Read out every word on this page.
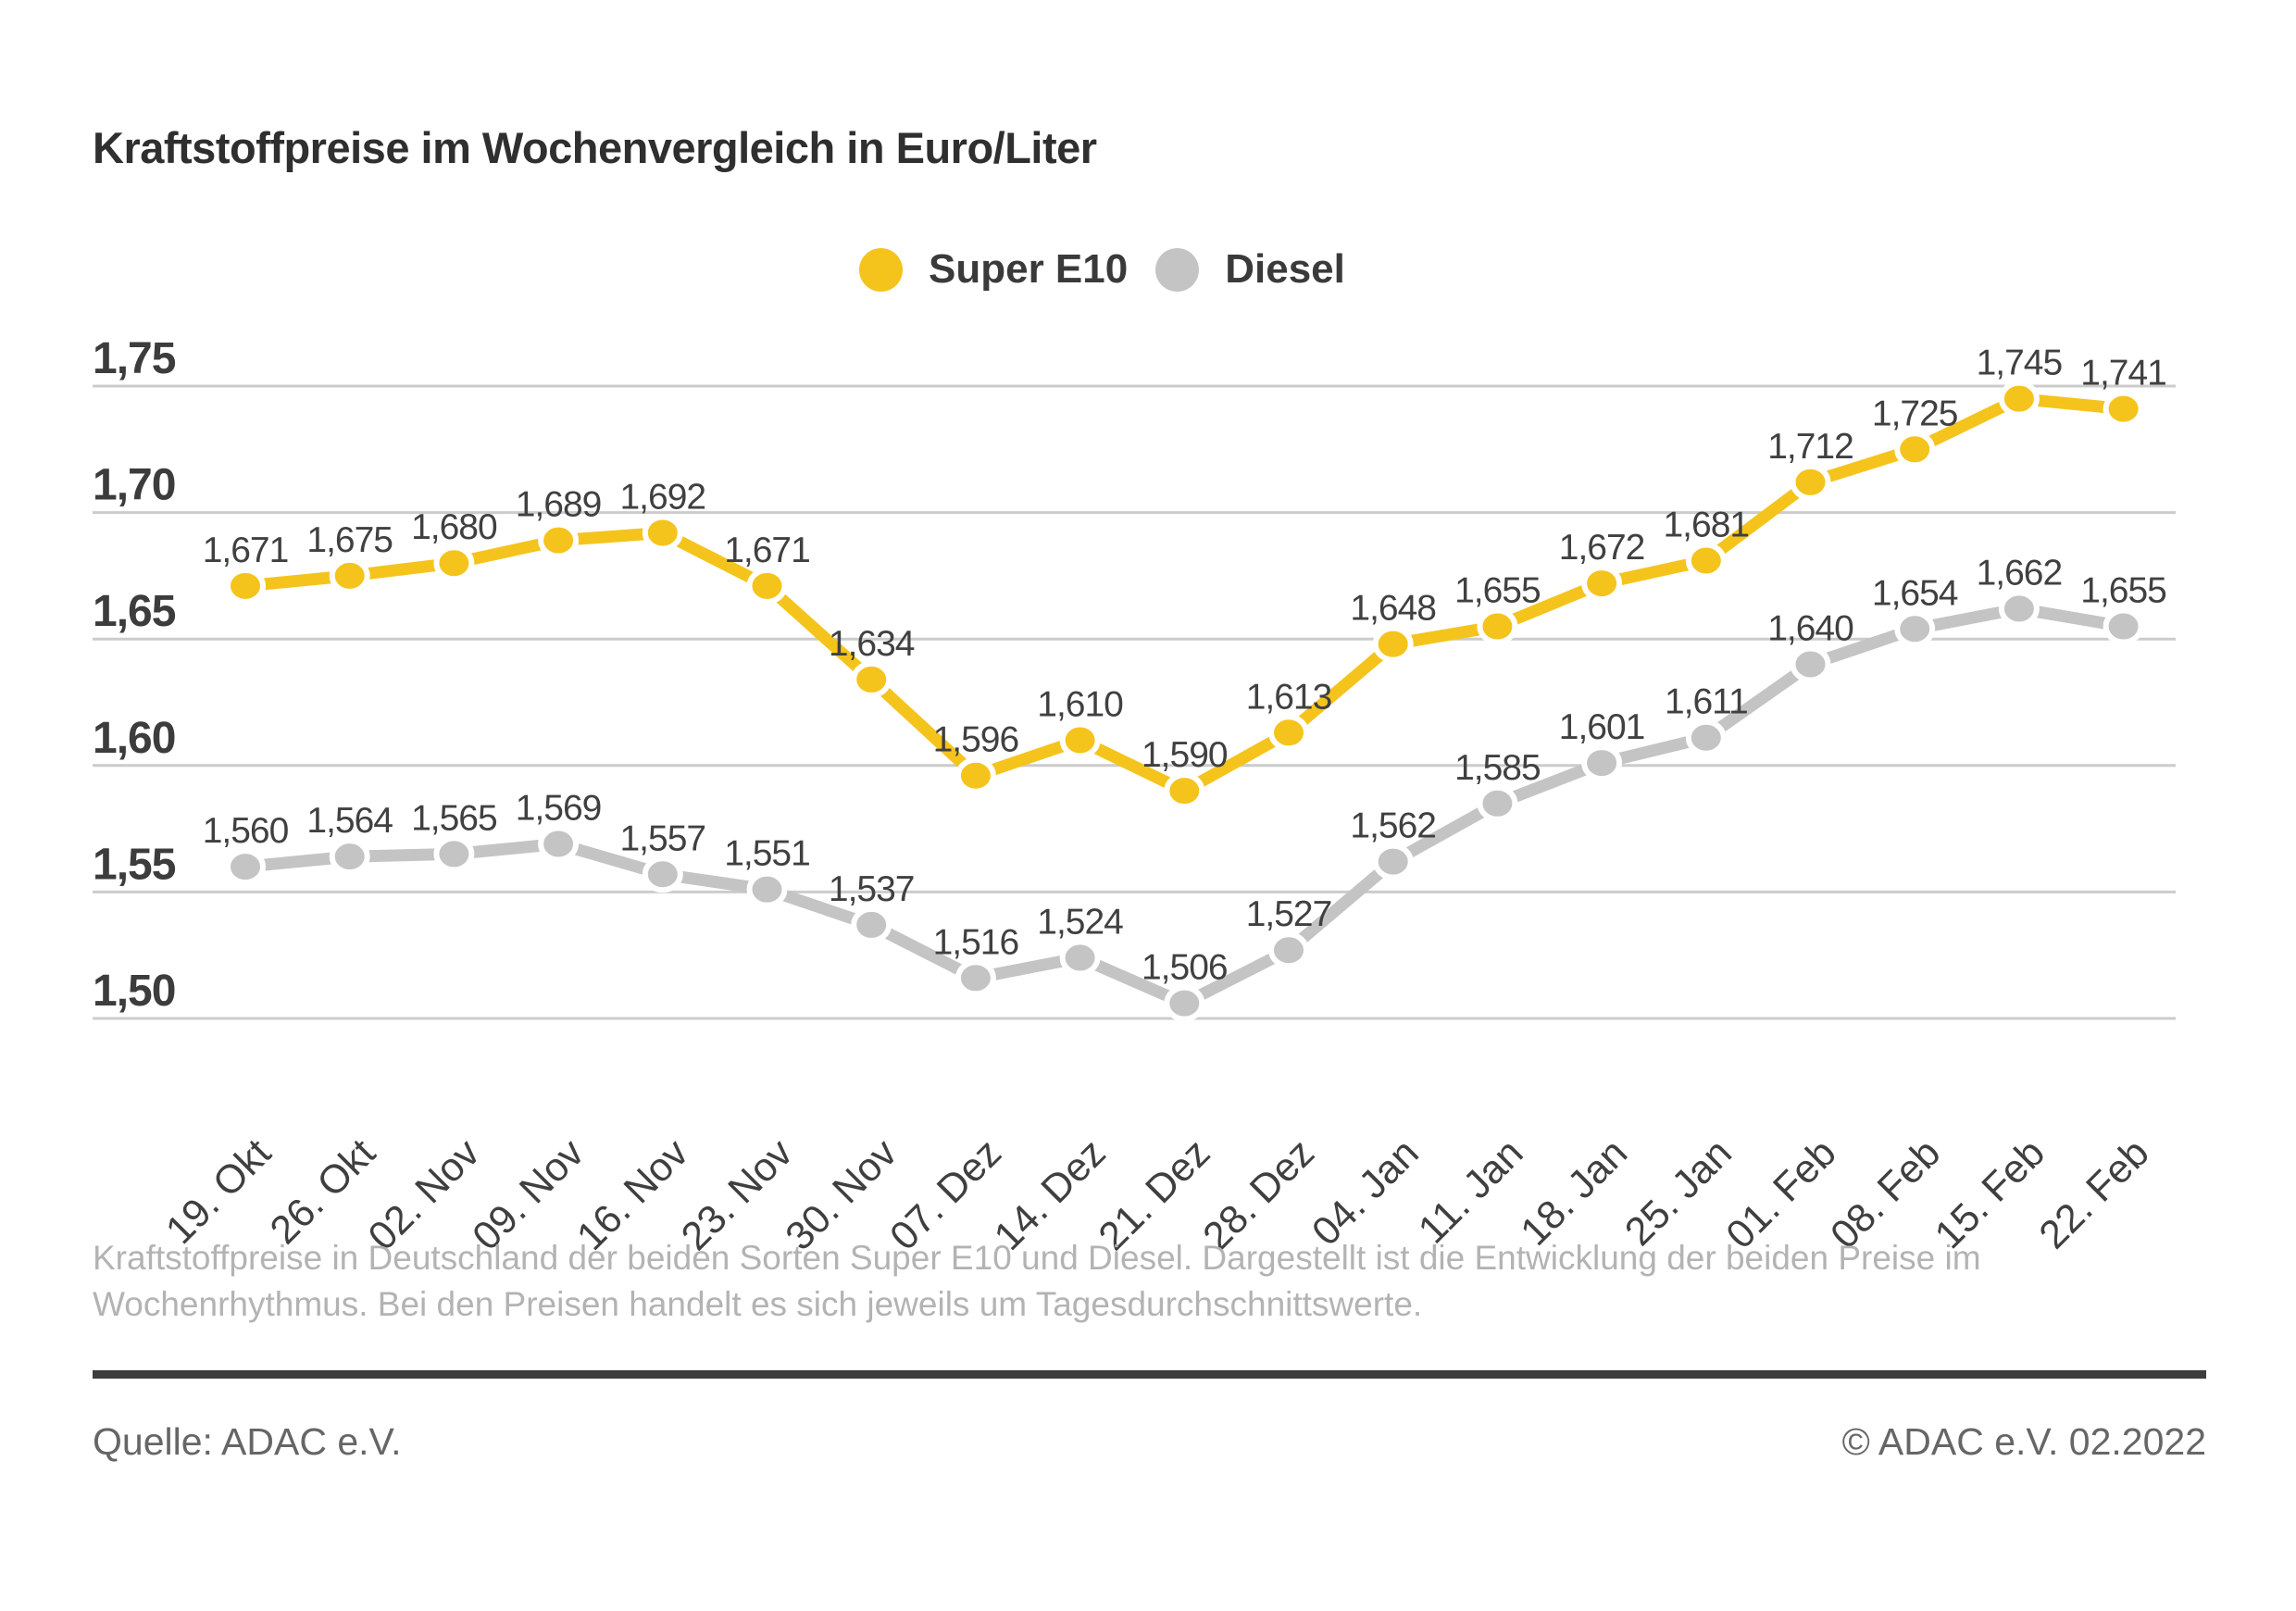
Kraftstoffpreise im Wochenvergleich in Euro/Liter
Super E10 Diesel
1,75
1,70
1,65
1,60
1,55
1,50
1,671 1,675 1,680
1,689 1,692
1,671
1,634
1,596
1,610
1,590
1,613
1,648 1,655
1,672
1,681
1,712
1,725
1,745 1,741
1,560 1,564 1,565 1,569
1,557 1,551
1,537
1,516
1,524
1,506
1,527
1,562
1,585
1,601
1,611
1,640
1,654
1,662 1,655
19. Okt
26. Okt
02. Nov
09. Nov
16. Nov
23. Nov
30. Nov
07. Dez
14. Dez
21. Dez
28. Dez
04. Jan
11. Jan
18. Jan
25. Jan
01. Feb
08. Feb
15. Feb
22. Feb
Kraftstoffpreise in Deutschland der beiden Sorten Super E10 und Diesel. Dargestellt ist die Entwicklung der beiden Preise im
Wochenrhythmus. Bei den Preisen handelt es sich jeweils um Tagesdurchschnittswerte.
Quelle: ADAC e.V.	© ADAC e.V. 02.2022
